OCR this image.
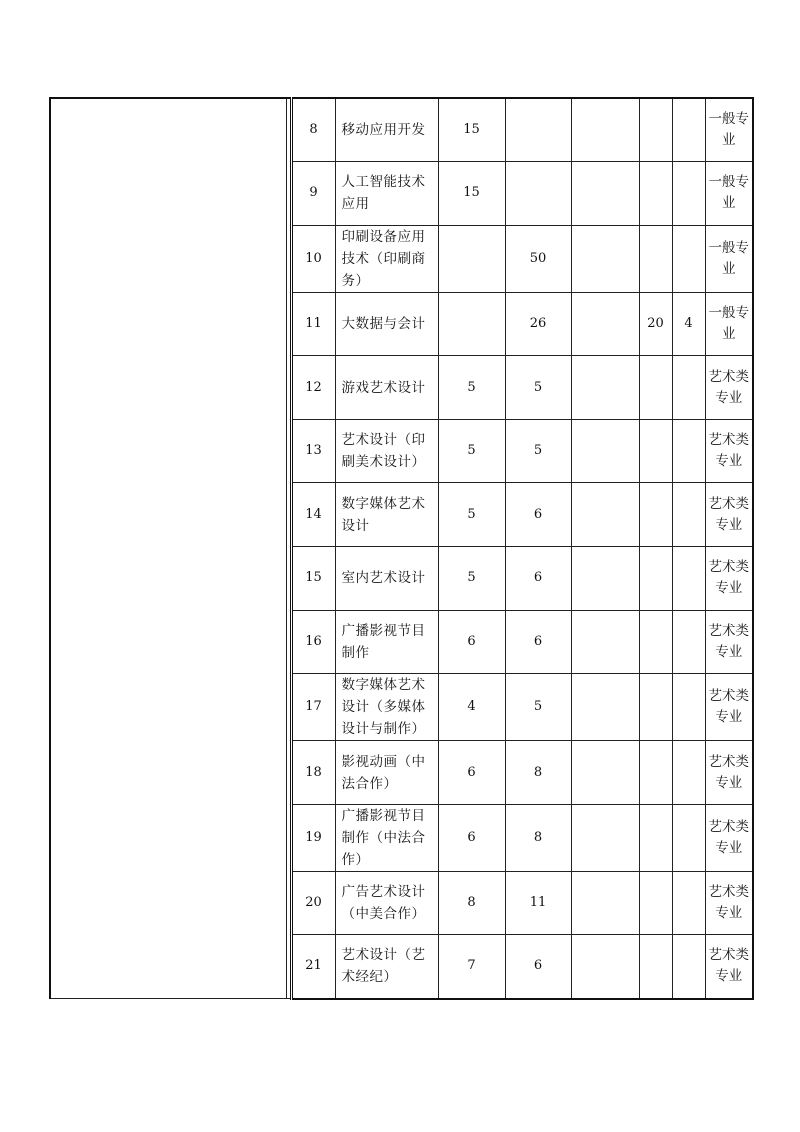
		8	移动应用开发	15					一般专业
		9	人工智能技术应用	15					一般专业
		10	印刷设备应用技术（印刷商务）		50				一般专业
		11	大数据与会计		26		20	4	一般专业
		12	游戏艺术设计	5	5				艺术类专业
		13	艺术设计（印刷美术设计）	5	5				艺术类专业
		14	数字媒体艺术设计	5	6				艺术类专业
		15	室内艺术设计	5	6				艺术类专业
		16	广播影视节目制作	6	6				艺术类专业
		17	数字媒体艺术设计（多媒体设计与制作）	4	5				艺术类专业
		18	影视动画（中法合作）	6	8				艺术类专业
		19	广播影视节目制作（中法合作）	6	8				艺术类专业
		20	广告艺术设计（中美合作）	8	11				艺术类专业
		21	艺术设计（艺术经纪）	7	6				艺术类专业
